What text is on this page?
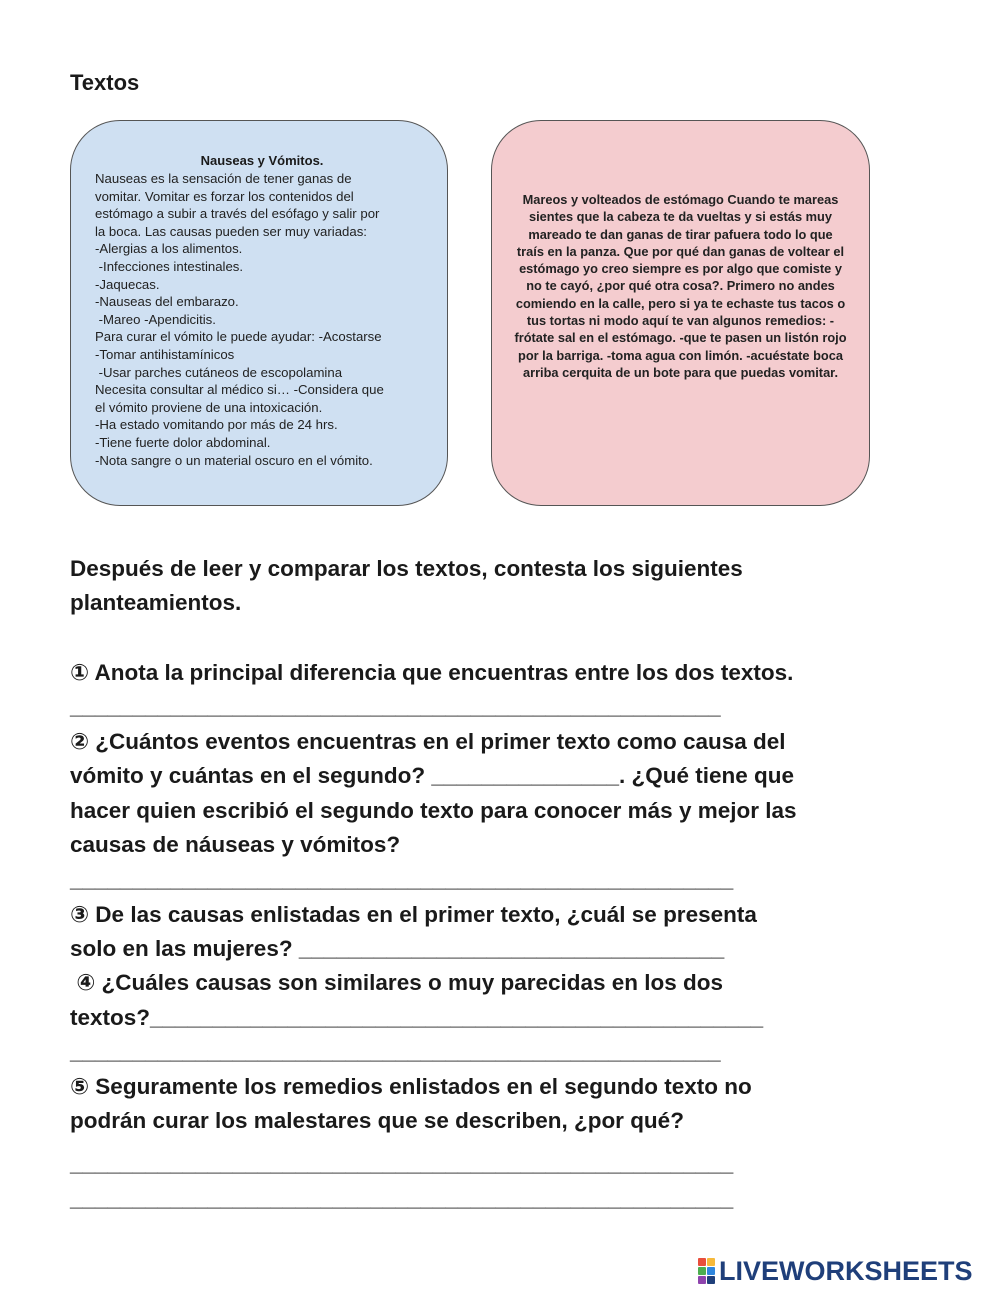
Textos
Nauseas y Vómitos.
Nauseas es la sensación de tener ganas de
vomitar. Vomitar es forzar los contenidos del
estómago a subir a través del esófago y salir por
la boca. Las causas pueden ser muy variadas:
-Alergias a los alimentos.
-Infecciones intestinales.
-Jaquecas.
-Nauseas del embarazo.
-Mareo -Apendicitis.
Para curar el vómito le puede ayudar: -Acostarse
-Tomar antihistamínicos
-Usar parches cutáneos de escopolamina
Necesita consultar al médico si… -Considera que
el vómito proviene de una intoxicación.
-Ha estado vomitando por más de 24 hrs.
-Tiene fuerte dolor abdominal.
-Nota sangre o un material oscuro en el vómito.

Mareos y volteados de estómago Cuando te mareas sientes que la cabeza te da vueltas y si estás muy mareado te dan ganas de tirar pafuera todo lo que traís en la panza. Que por qué dan ganas de voltear el estómago yo creo siempre es por algo que comiste y no te cayó, ¿por qué otra cosa?. Primero no andes comiendo en la calle, pero si ya te echaste tus tacos o tus tortas ni modo aquí te van algunos remedios: -frótate sal en el estómago. -que te pasen un listón rojo por la barriga. -toma agua con limón. -acuéstate boca arriba cerquita de un bote para que puedas vomitar.

Después de leer y comparar los textos, contesta los siguientes

planteamientos.

① Anota la principal diferencia que encuentras entre los dos textos.

____________________________________________________

② ¿Cuántos eventos encuentras en el primer texto como causa del

vómito y cuántas en el segundo? _______________. ¿Qué tiene que

hacer quien escribió el segundo texto para conocer más y mejor las

causas de náuseas y vómitos?

_____________________________________________________

③ De las causas enlistadas en el primer texto, ¿cuál se presenta

solo en las mujeres? __________________________________

④ ¿Cuáles causas son similares o muy parecidas en los dos

textos?_________________________________________________

____________________________________________________

⑤ Seguramente los remedios enlistados en el segundo texto no

podrán curar los malestares que se describen, ¿por qué?

_____________________________________________________

_____________________________________________________

LIVEWORKSHEETS
